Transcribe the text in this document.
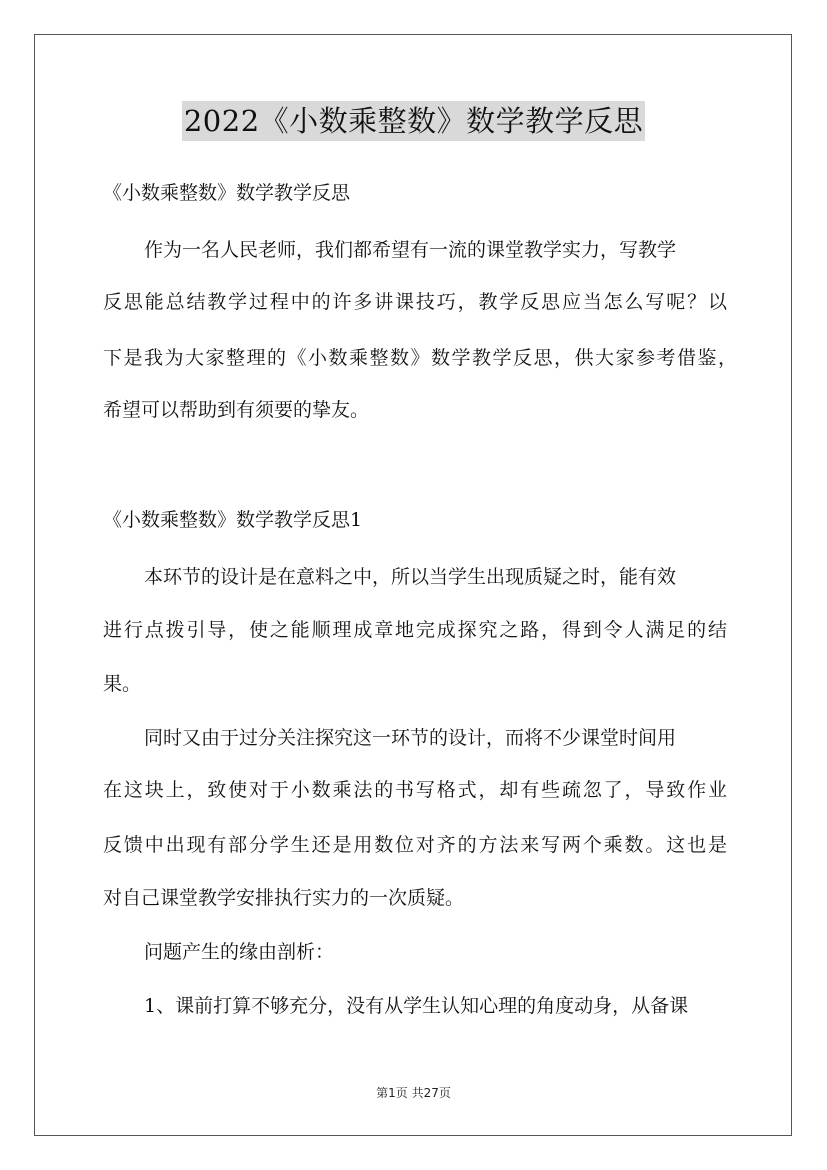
2022《小数乘整数》数学教学反思
《小数乘整数》数学教学反思
作为一名人民老师，我们都希望有一流的课堂教学实力，写教学
反思能总结教学过程中的许多讲课技巧，教学反思应当怎么写呢？以
下是我为大家整理的《小数乘整数》数学教学反思，供大家参考借鉴，
希望可以帮助到有须要的挚友。
《小数乘整数》数学教学反思1
本环节的设计是在意料之中，所以当学生出现质疑之时，能有效
进行点拨引导，使之能顺理成章地完成探究之路，得到令人满足的结
果。
同时又由于过分关注探究这一环节的设计，而将不少课堂时间用
在这块上，致使对于小数乘法的书写格式，却有些疏忽了，导致作业
反馈中出现有部分学生还是用数位对齐的方法来写两个乘数。这也是
对自己课堂教学安排执行实力的一次质疑。
问题产生的缘由剖析：
1、课前打算不够充分，没有从学生认知心理的角度动身，从备课
第1页 共27页
